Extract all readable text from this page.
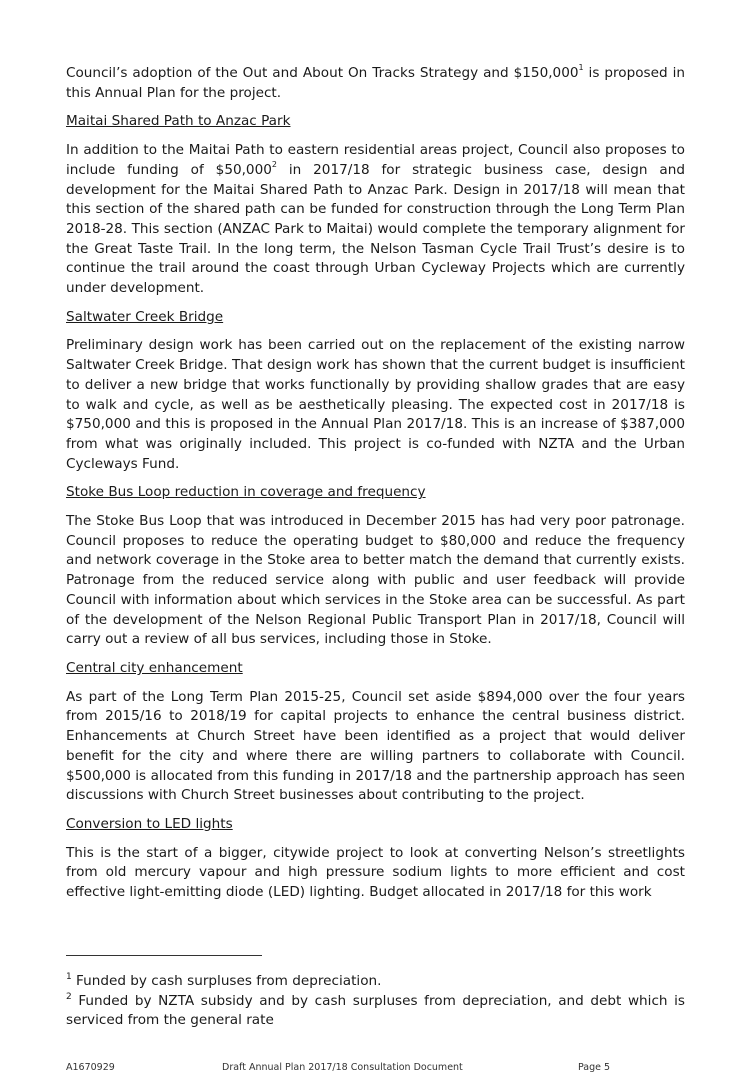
Council’s adoption of the Out and About On Tracks Strategy and $150,000$^1$ is proposed in this Annual Plan for the project.

Maitai Shared Path to Anzac Park

In addition to the Maitai Path to eastern residential areas project, Council also proposes to include funding of $50,000$^2$ in 2017/18 for strategic business case, design and development for the Maitai Shared Path to Anzac Park. Design in 2017/18 will mean that this section of the shared path can be funded for construction through the Long Term Plan 2018-28. This section (ANZAC Park to Maitai) would complete the temporary alignment for the Great Taste Trail. In the long term, the Nelson Tasman Cycle Trail Trust’s desire is to continue the trail around the coast through Urban Cycleway Projects which are currently under development.

Saltwater Creek Bridge

Preliminary design work has been carried out on the replacement of the existing narrow Saltwater Creek Bridge. That design work has shown that the current budget is insufficient to deliver a new bridge that works functionally by providing shallow grades that are easy to walk and cycle, as well as be aesthetically pleasing. The expected cost in 2017/18 is $750,000 and this is proposed in the Annual Plan 2017/18. This is an increase of $387,000 from what was originally included. This project is co-funded with NZTA and the Urban Cycleways Fund.

Stoke Bus Loop reduction in coverage and frequency

The Stoke Bus Loop that was introduced in December 2015 has had very poor patronage. Council proposes to reduce the operating budget to $80,000 and reduce the frequency and network coverage in the Stoke area to better match the demand that currently exists. Patronage from the reduced service along with public and user feedback will provide Council with information about which services in the Stoke area can be successful. As part of the development of the Nelson Regional Public Transport Plan in 2017/18, Council will carry out a review of all bus services, including those in Stoke.

Central city enhancement

As part of the Long Term Plan 2015-25, Council set aside $894,000 over the four years from 2015/16 to 2018/19 for capital projects to enhance the central business district. Enhancements at Church Street have been identified as a project that would deliver benefit for the city and where there are willing partners to collaborate with Council. $500,000 is allocated from this funding in 2017/18 and the partnership approach has seen discussions with Church Street businesses about contributing to the project.

Conversion to LED lights

This is the start of a bigger, citywide project to look at converting Nelson’s streetlights from old mercury vapour and high pressure sodium lights to more efficient and cost effective light-emitting diode (LED) lighting. Budget allocated in 2017/18 for this work

$^1$ Funded by cash surpluses from depreciation.

$^2$ Funded by NZTA subsidy and by cash surpluses from depreciation, and debt which is serviced from the general rate

A1670929	Draft Annual Plan 2017/18 Consultation Document	Page 5
